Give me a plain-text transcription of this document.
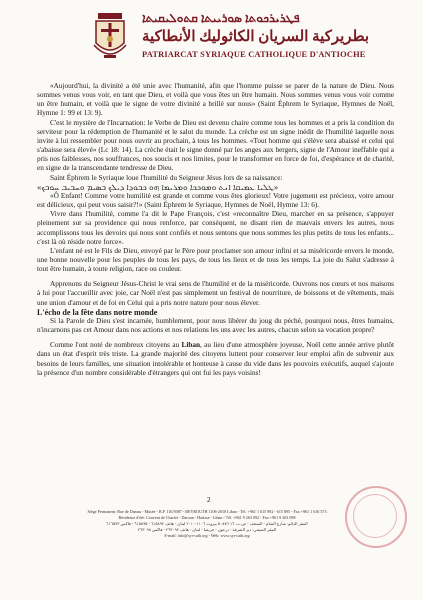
ܦܛܪܝܪܟܘܬܐ ܣܘܪܝܝܬܐ ܩܬܘܠܝܩܝܬܐ
بطريركية السريان الكاثوليك الأنطاكية
PATRIARCAT SYRIAQUE CATHOLIQUE D'ANTIOCHE

«Aujourd'hui, la divinité a été unie avec l'humanité, afin que l'homme puisse se parer de la nature de Dieu. Nous sommes venus vous voir, en tant que Dieu, et voilà que vous êtes un être humain. Nous sommes venus vous voir comme un être humain, et voilà que le signe de votre divinité a brillé sur nous» (Saint Éphrem le Syriaque, Hymnes de Noël, Hymne 1: 99 et 13: 9).

C'est le mystère de l'Incarnation: le Verbe de Dieu est devenu chaire comme tous les hommes et a pris la condition du serviteur pour la rédemption de l'humanité et le salut du monde. La crèche est un signe inédit de l'humilité laquelle nous invite à lui ressembler pour nous ouvrir au prochain, à tous les hommes. «Tout homme qui s'élève sera abaissé et celui qui s'abaisse sera élevé» (Lc 18: 14). La crèche était le signe donné par les anges aux bergers, signe de l'Amour ineffable qui a pris nos faiblesses, nos souffrances, nos soucis et nos limites, pour le transformer en force de foi, d'espérance et de charité, en signe de la transcendante tendresse de Dieu.

Saint Éphrem le Syriaque loue l'humilité du Seigneur Jésus lors de sa naissance:

«ܛܠܝܐ ܥܡܝܩܐ ܐܢܬ ܘܡܘܟܟܐ ܘܡܪܝܡܐ ܗܘ ܟܒܘܕܐ ܕܝܠܟ ܒܣܝܡ ܘܚܒܝܒ ܚܘܒܟ»

«Ô Enfant! Comme votre humilité est grande et comme vous êtes glorieux! Votre jugement est précieux, votre amour est délicieux, qui peut vous saisir?!» (Saint Éphrem le Syriaque, Hymnes de Noël, Hymne 13: 6).

Vivre dans l'humilité, comme l'a dit le Pape François, c'est «reconnaître Dieu, marcher en sa présence, s'appuyer pleinement sur sa providence qui nous renforce, par conséquent, ne disant rien de mauvais envers les autres, nous accomplissons tous les devoirs qui nous sont confiés et nous sentons que nous sommes les plus petits de tous les enfants... c'est là où réside notre force».

L'enfant né est le Fils de Dieu, envoyé par le Père pour proclamer son amour infini et sa miséricorde envers le monde, une bonne nouvelle pour les peuples de tous les pays, de tous les lieux et de tous les temps. La joie du Salut s'adresse à tout être humain, à toute religion, race ou couleur.

Apprenons du Seigneur Jésus-Christ le vrai sens de l'humilité et de la miséricorde. Ouvrons nos cœurs et nos maisons à lui pour l'accueillir avec joie, car Noël n'est pas simplement un festival de nourriture, de boissons et de vêtements, mais une union d'amour et de foi en Celui qui a pris notre nature pour nous élever.

L'écho de la fête dans notre monde

Si la Parole de Dieu s'est incarnée, humblement, pour nous libérer du joug du péché, pourquoi nous, êtres humains, n'incarnons pas cet Amour dans nos actions et nos relations les uns avec les autres, chacun selon sa vocation propre?

Comme l'ont noté de nombreux citoyens au Liban, au lieu d'une atmosphère joyeuse, Noël cette année arrive plutôt dans un état d'esprit très triste. La grande majorité des citoyens luttent pour conserver leur emploi afin de subvenir aux besoins de leurs familles, une situation intolérable et honteuse à cause du vide dans les pouvoirs exécutifs, auquel s'ajoute la présence d'un nombre considérable d'étrangers qui ont fui les pays voisins!

2
Siège Permanent: Rue de Damas - Musée - B.P. 116/5087 - BEYROUTH 1106-2010 Liban - Tél. +961 1 615 892 - 615 895 - Fax +961 1 616 573
Résidence d'été: Couvent de Charfet - Daroun - Harissa - Liban - Tél. +961 9 263 092 - Fax +961 9 263 098
المقر الدائم: شارع الشام - المتحف - ص.ب. ٥٠٨٧/١١٦ بيروت ١١٠٦-٢٠١٠ لبنان - هاتف ٦١٥٨٩٢ - ٦١٥٨٩٥ - فاكس ٦١٦٥٧٣
المقر الصيفي: دير الشرفة - درعون - حريصا - لبنان - هاتف ٢٦٣٠٩٢ - فاكس ٢٦٣٠٩٨
E-mail: info@syr-cath.org - Web: www.syr-cath.org
